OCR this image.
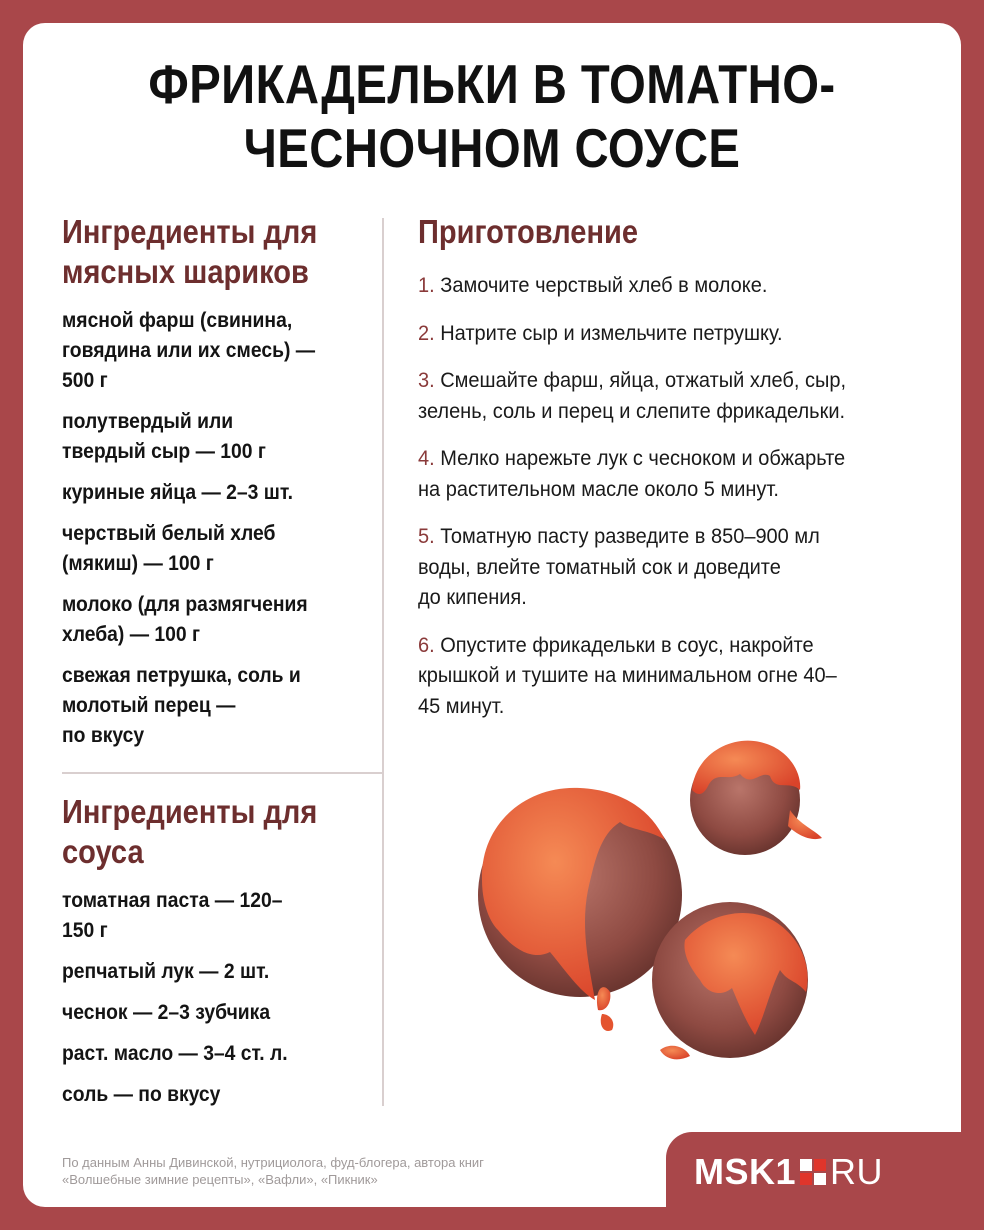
ФРИКАДЕЛЬКИ В ТОМАТНО-
ЧЕСНОЧНОМ СОУСЕ
Ингредиенты для
мясных шариков

мясной фарш (свинина,
говядина или их смесь) —
500 г

полутвердый или
твердый сыр — 100 г

куриные яйца — 2–3 шт.

черствый белый хлеб
(мякиш) — 100 г

молоко (для размягчения
хлеба) — 100 г

свежая петрушка, соль и
молотый перец —
по вкусу

Ингредиенты для
соуса

томатная паста — 120–
150 г

репчатый лук — 2 шт.

чеснок — 2–3 зубчика

раст. масло — 3–4 ст. л.

соль — по вкусу

Приготовление

1. Замочите черствый хлеб в молоке.

2. Натрите сыр и измельчите петрушку.

3. Смешайте фарш, яйца, отжатый хлеб, сыр,
зелень, соль и перец и слепите фрикадельки.

4. Мелко нарежьте лук с чесноком и обжарьте
на растительном масле около 5 минут.

5. Томатную пасту разведите в 850–900 мл
воды, влейте томатный сок и доведите
до кипения.

6. Опустите фрикадельки в соус, накройте
крышкой и тушите на минимальном огне 40–
45 минут.

По данным Анны Дивинской, нутрициолога, фуд-блогера, автора книг
«Волшебные зимние рецепты», «Вафли», «Пикник»	MSK1 RU
